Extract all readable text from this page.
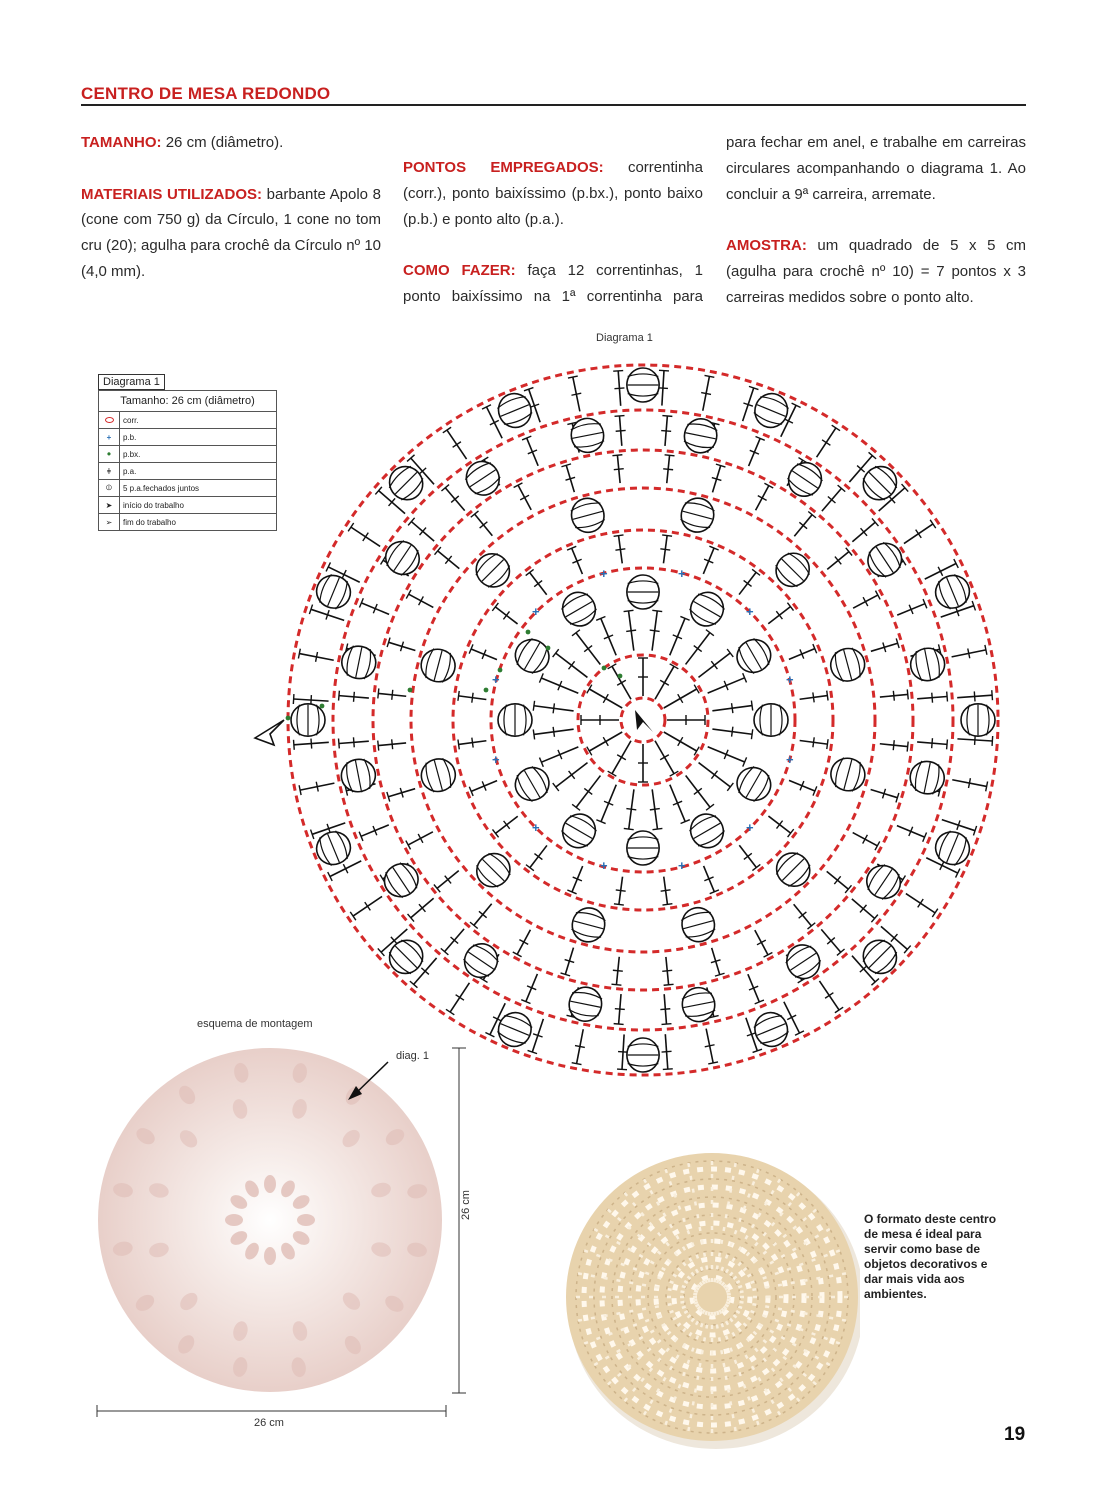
CENTRO DE MESA REDONDO

TAMANHO: 26 cm (diâmetro).

MATERIAIS UTILIZADOS: barbante Apolo 8 (cone com 750 g) da Círculo, 1 cone no tom cru (20); agulha para crochê da Círculo nº 10 (4,0 mm).

PONTOS EMPREGADOS: correntinha (corr.), ponto baixíssimo (p.bx.), ponto baixo (p.b.) e ponto alto (p.a.).

COMO FAZER: faça 12 correntinhas, 1 ponto baixíssimo na 1ª correntinha para

para fechar em anel, e trabalhe em carreiras circulares acompanhando o diagrama 1. Ao concluir a 9ª carreira, arremate.

AMOSTRA: um quadrado de 5 x 5 cm (agulha para crochê nº 10) = 7 pontos x 3 carreiras medidos sobre o ponto alto.

Diagrama 1
Diagrama 1
Tamanho: 26 cm (diâmetro)	
	corr.
+	p.b.
•	p.bx.
ǂ	p.a.
⦶	5 p.a.fechados juntos
➤	início do trabalho
➢	fim do trabalho
+	+
+	+
+	+
+	+
+	+
+	+
esquema de montagem
diag. 1
26 cm
26 cm
O formato deste centro de mesa é ideal para servir como base de objetos decorativos e dar mais vida aos ambientes.
19
